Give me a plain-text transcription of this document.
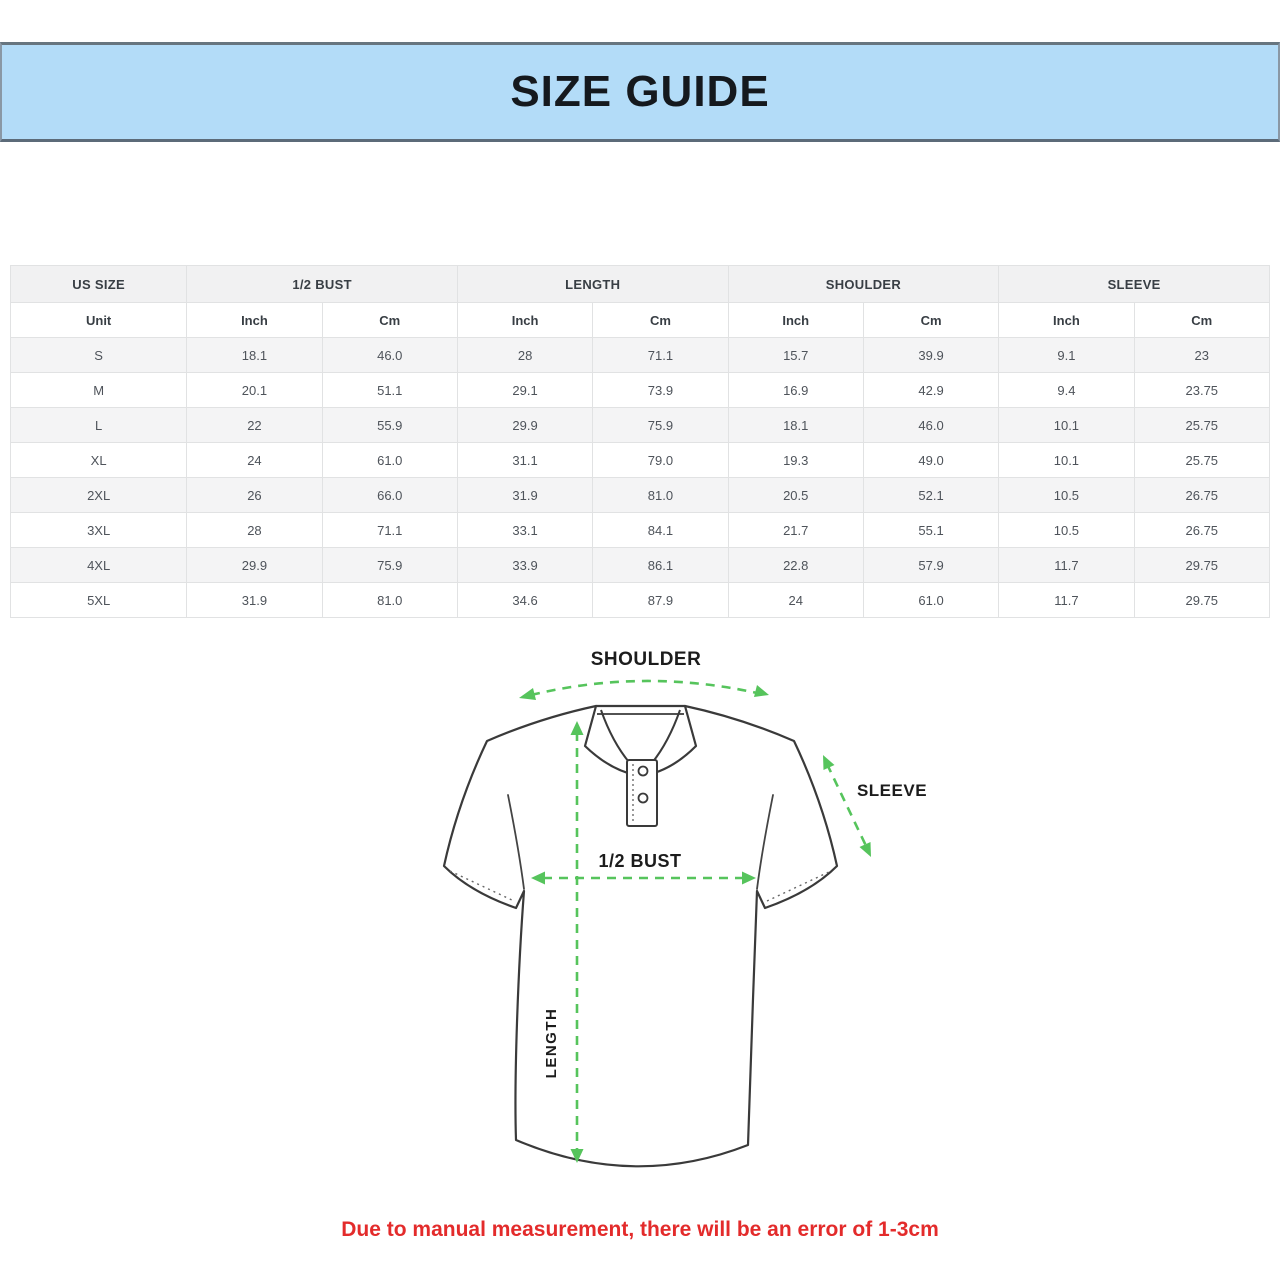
SIZE GUIDE
US SIZE	1/2 BUST		LENGTH		SHOULDER		SLEEVE	
Unit	Inch	Cm	Inch	Cm	Inch	Cm	Inch	Cm
S	18.1	46.0	28	71.1	15.7	39.9	9.1	23
M	20.1	51.1	29.1	73.9	16.9	42.9	9.4	23.75
L	22	55.9	29.9	75.9	18.1	46.0	10.1	25.75
XL	24	61.0	31.1	79.0	19.3	49.0	10.1	25.75
2XL	26	66.0	31.9	81.0	20.5	52.1	10.5	26.75
3XL	28	71.1	33.1	84.1	21.7	55.1	10.5	26.75
4XL	29.9	75.9	33.9	86.1	22.8	57.9	11.7	29.75
5XL	31.9	81.0	34.6	87.9	24	61.0	11.7	29.75
SHOULDER
SLEEVE
1/2 BUST
LENGTH
Due to manual measurement, there will be an error of 1-3cm
